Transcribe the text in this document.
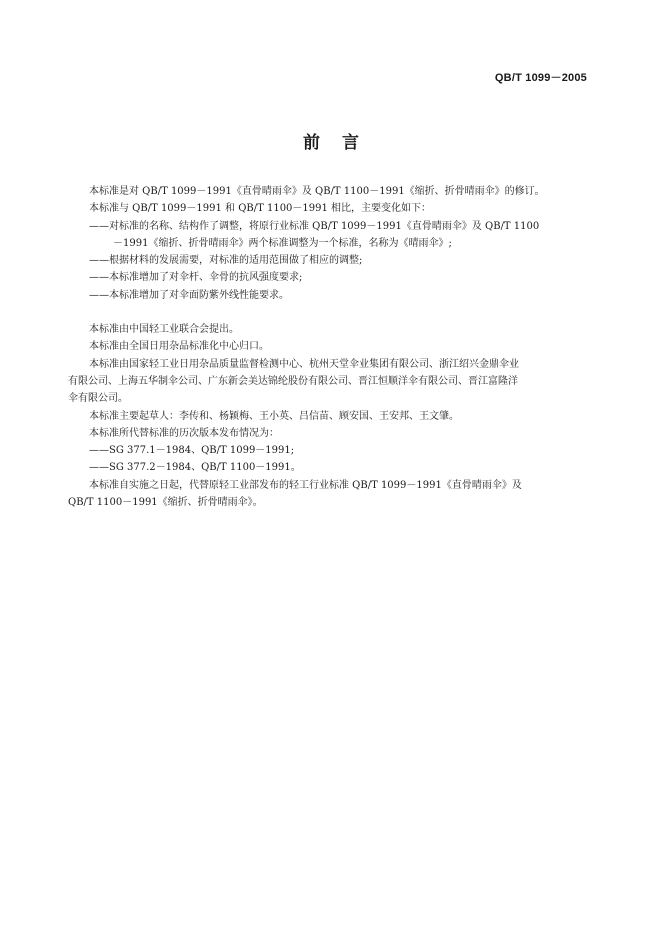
QB/T 1099－2005
前言
本标准是对 QB/T 1099－1991《直骨晴雨伞》及 QB/T 1100－1991《缩折、折骨晴雨伞》的修订。
本标准与 QB/T 1099－1991 和 QB/T 1100－1991 相比，主要变化如下：
——对标准的名称、结构作了调整，将原行业标准 QB/T 1099－1991《直骨晴雨伞》及 QB/T 1100
－1991《缩折、折骨晴雨伞》两个标准调整为一个标准，名称为《晴雨伞》;
——根据材料的发展需要，对标准的适用范围做了相应的调整;
——本标准增加了对伞杆、伞骨的抗风强度要求;
——本标准增加了对伞面防紫外线性能要求。
本标准由中国轻工业联合会提出。
本标准由全国日用杂品标准化中心归口。
本标准由国家轻工业日用杂品质量监督检测中心、杭州天堂伞业集团有限公司、浙江绍兴金鼎伞业
有限公司、上海五华制伞公司、广东新会美达锦纶股份有限公司、晋江恒顺洋伞有限公司、晋江富隆洋
伞有限公司。
本标准主要起草人：李传和、杨颖梅、王小英、吕信苗、顾安国、王安邦、王文肇。
本标准所代替标准的历次版本发布情况为：
——SG 377.1－1984、QB/T 1099－1991;
——SG 377.2－1984、QB/T 1100－1991。
本标准自实施之日起，代替原轻工业部发布的轻工行业标准 QB/T 1099－1991《直骨晴雨伞》及
QB/T 1100－1991《缩折、折骨晴雨伞》。
